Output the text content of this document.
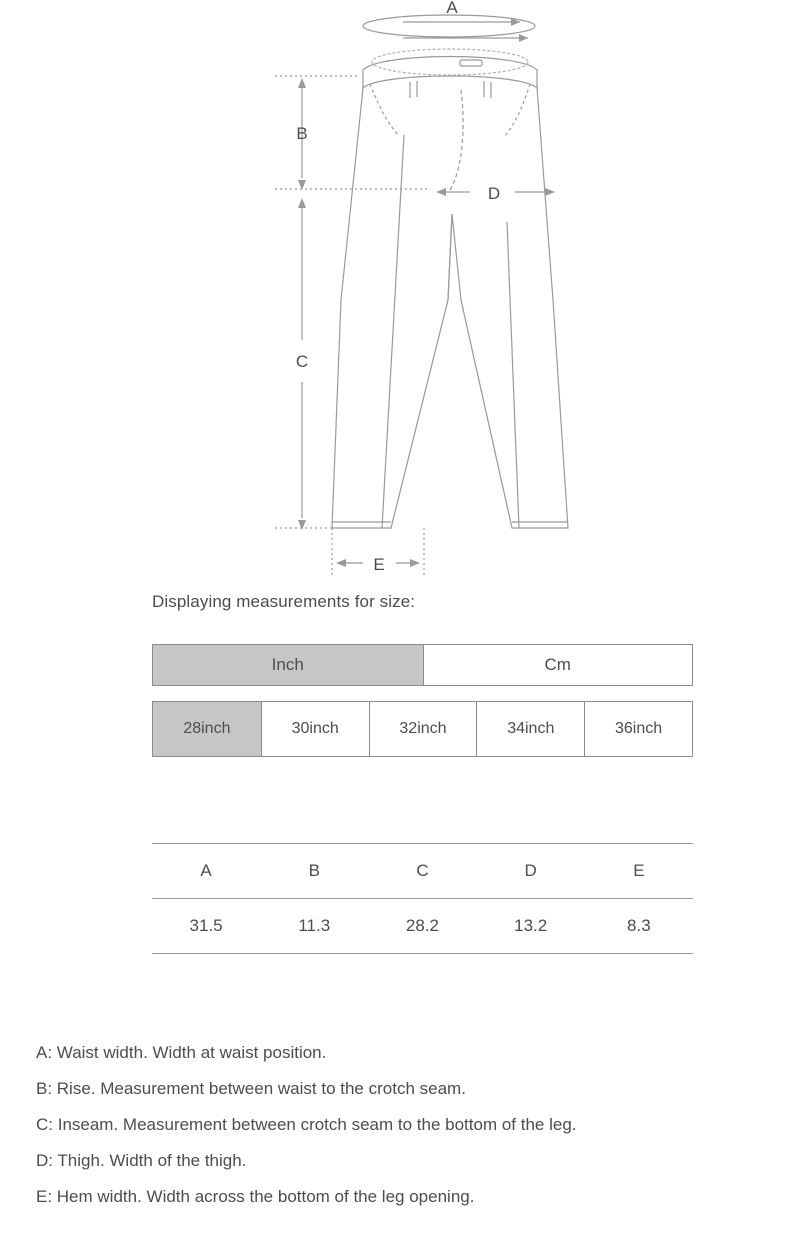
A
B
C
D
E
Displaying measurements for size:
Inch	Cm
28inch	30inch	32inch	34inch	36inch
A	B	C	D	E
31.5	11.3	28.2	13.2	8.3
A: Waist width. Width at waist position.
B: Rise. Measurement between waist to the crotch seam.
C: Inseam. Measurement between crotch seam to the bottom of the leg.
D: Thigh. Width of the thigh.
E: Hem width. Width across the bottom of the leg opening.
